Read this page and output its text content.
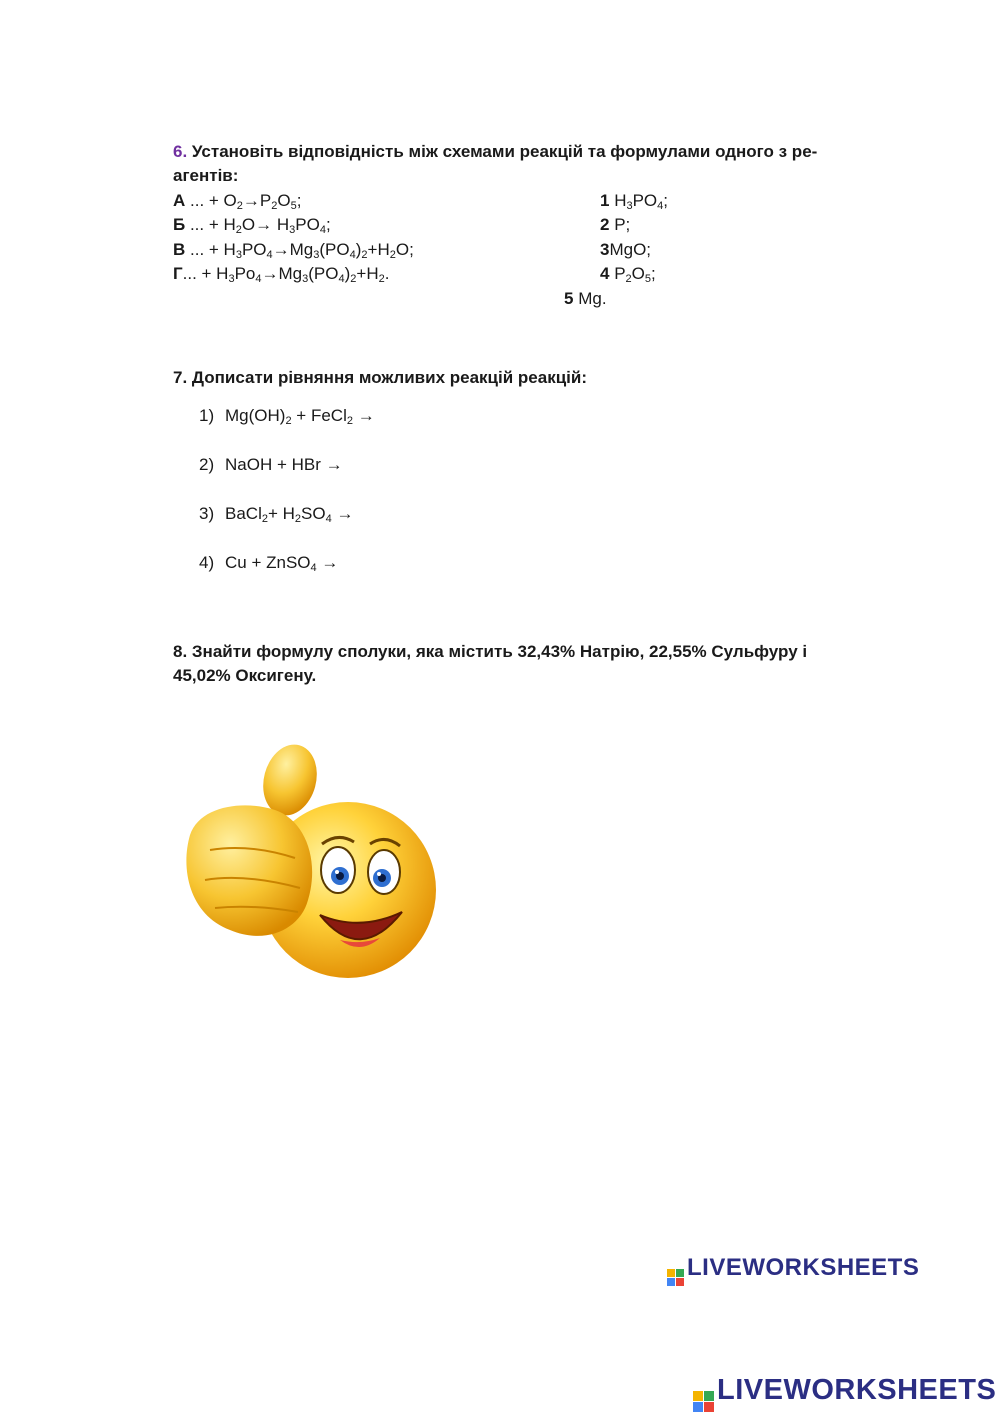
6. Установіть відповідність між схемами реакцій та формулами одного з ре-
агентів:
А ... + $O_2\to P_2O_5$;
Б ... + $H_2O\to H_3PO_4$;
В ... + $H_3PO_4\to Mg_3(PO_4)_2+H_2O$;
Г... + $H_3Po_4\to Mg_3(PO_4)_2+H_2$.
1 $H_3PO_4$;
2 P;
3MgO;
4 $P_2O_5$;
5 Mg.
7. Дописати рівняння можливих реакцій реакцій:
1) $Mg(OH)_2$ + FeCl$_2$ →
2) NaOH + HBr →
3) BaCl$_2$+ $H_2SO_4$ →
4) Cu + ZnSO$_4$ →
8. Знайти формулу сполуки, яка містить 32,43% Натрію, 22,55% Сульфуру і
45,02% Оксигену.
LIVEWORKSHEETS
LIVEWORKSHEETS
